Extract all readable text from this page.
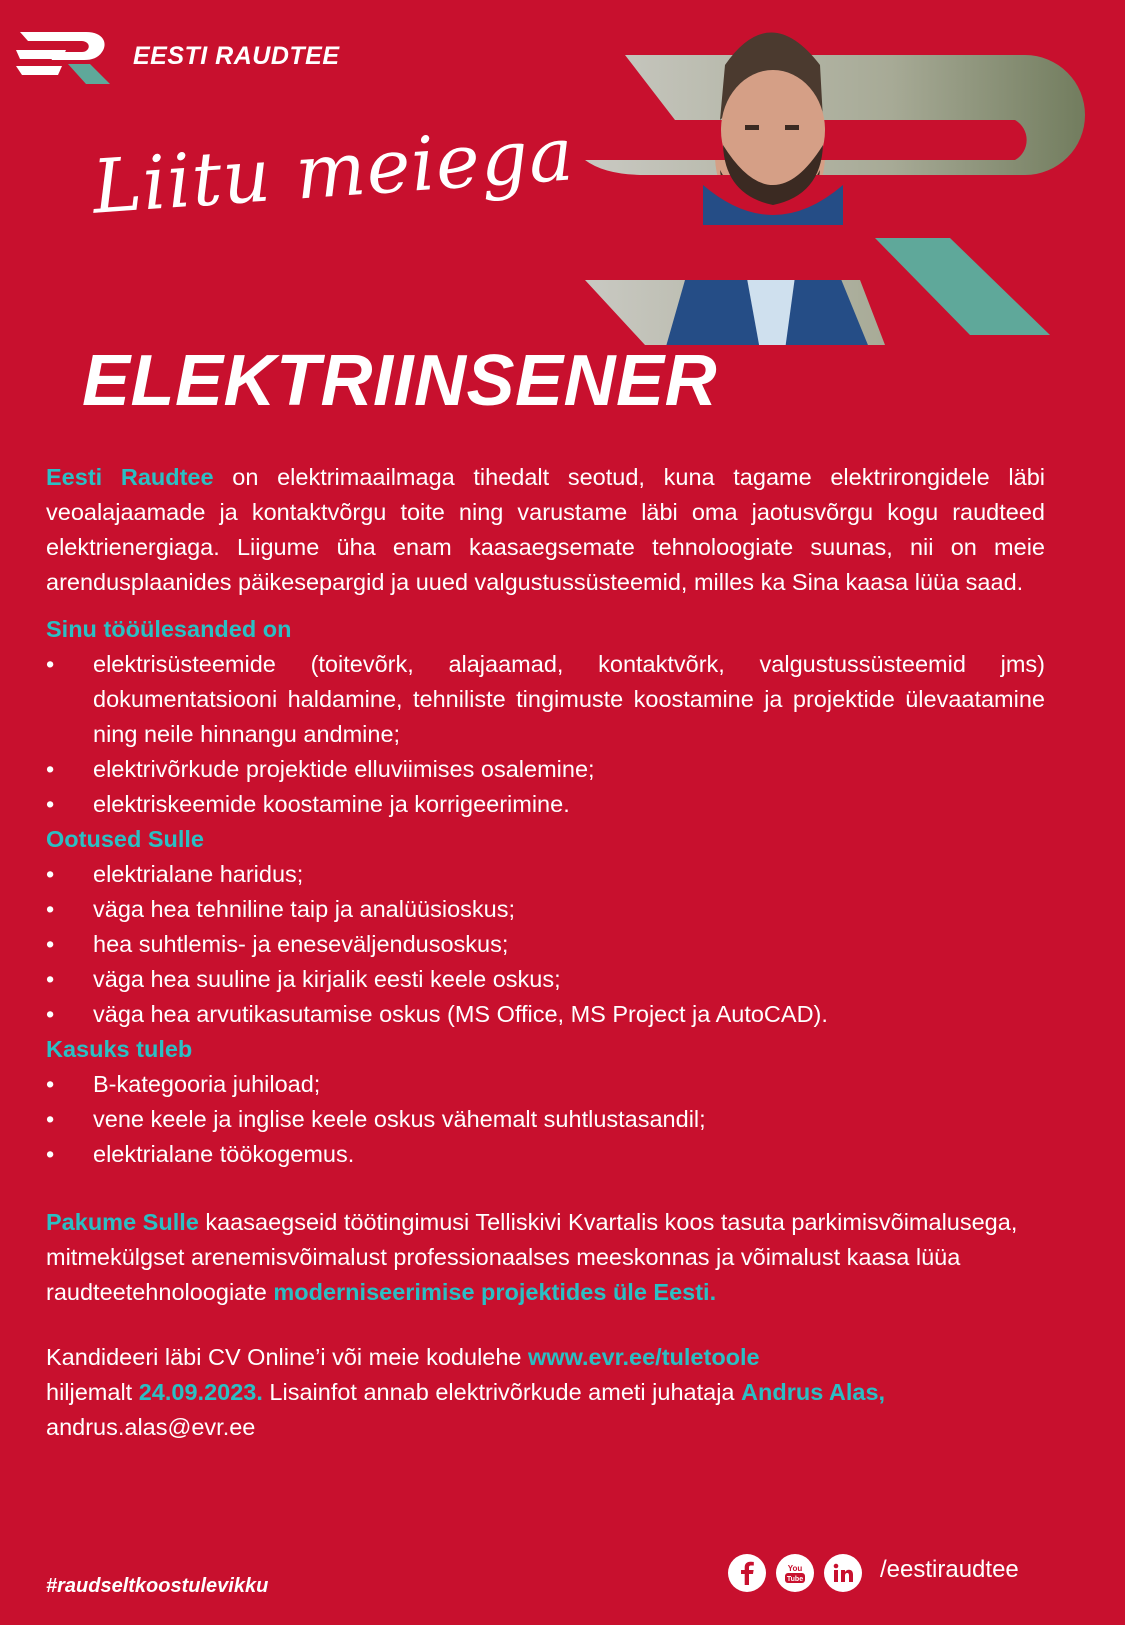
EESTI RAUDTEE
Liitu meiega
ELEKTRIINSENER

Eesti Raudtee on elektrimaailmaga tihedalt seotud, kuna tagame elektrirongidele läbi veoalajaamade ja kontaktvõrgu toite ning varustame läbi oma jaotusvõrgu kogu raudteed elektrienergiaga. Liigume üha enam kaasaegsemate tehnoloogiate suunas, nii on meie arendusplaanides päikesepargid ja uued valgustussüsteemid, milles ka Sina kaasa lüüa saad.

Sinu tööülesanded on

• elektrisüsteemide (toitevõrk, alajaamad, kontaktvõrk, valgustussüsteemid jms) dokumentatsiooni haldamine, tehniliste tingimuste koostamine ja projektide ülevaatamine ning neile hinnangu andmine;
• elektrivõrkude projektide elluviimises osalemine;
• elektriskeemide koostamine ja korrigeerimine.

Ootused Sulle

• elektrialane haridus;
• väga hea tehniline taip ja analüüsioskus;
• hea suhtlemis- ja eneseväljendusoskus;
• väga hea suuline ja kirjalik eesti keele oskus;
• väga hea arvutikasutamise oskus (MS Office, MS Project ja AutoCAD).

Kasuks tuleb

• B-kategooria juhiload;
• vene keele ja inglise keele oskus vähemalt suhtlustasandil;
• elektrialane töökogemus.

Pakume Sulle kaasaegseid töötingimusi Telliskivi Kvartalis koos tasuta parkimisvõimalusega, mitmekülgset arenemisvõimalust professionaalses meeskonnas ja võimalust kaasa lüüa raudteetehnoloogiate moderniseerimise projektides üle Eesti.

Kandideeri läbi CV Online’i või meie kodulehe www.evr.ee/tuletoole
hiljemalt 24.09.2023. Lisainfot annab elektrivõrkude ameti juhataja Andrus Alas,
andrus.alas@evr.ee

#raudseltkoostulevikku
You
Tube	/eestiraudtee
